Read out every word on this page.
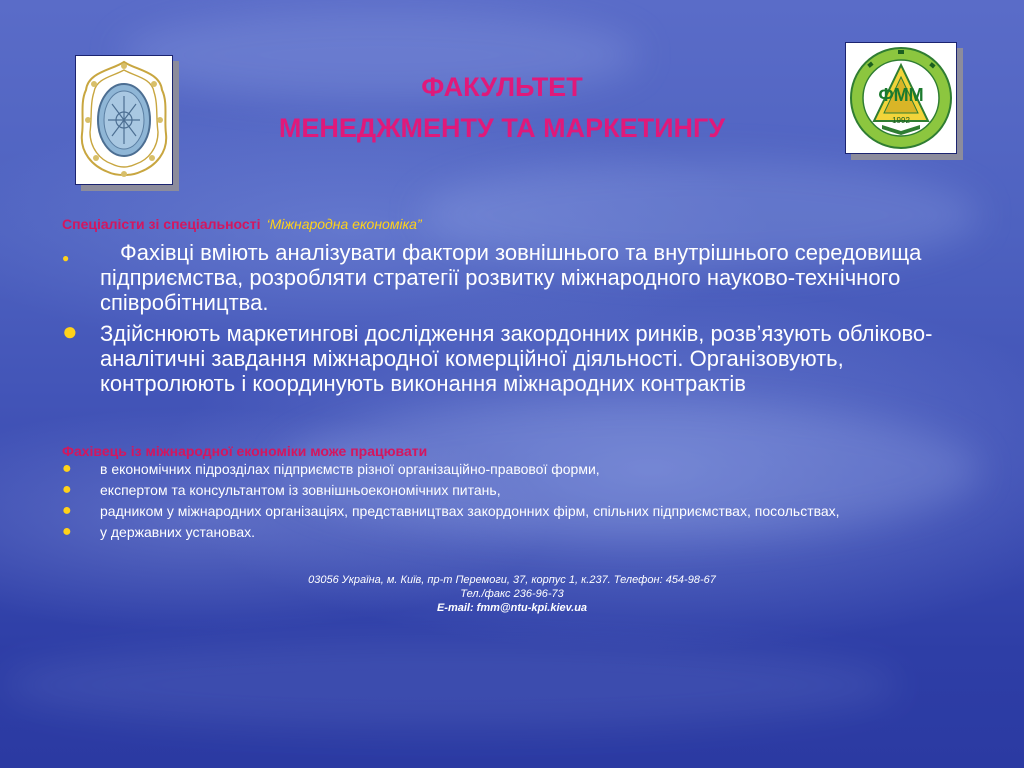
ФММ
1992
ФАКУЛЬТЕТ
МЕНЕДЖМЕНТУ ТА МАРКЕТИНГУ
Спеціалісти зі спеціальності ‘Міжнародна економіка”
●	Фахівці вміють аналізувати фактори зовнішнього та внутрішнього середовища підприємства, розробляти стратегії розвитку міжнародного науково-технічного співробітництва.
● Здійснюють маркетингові дослідження закордонних ринків, розв’язують обліково-аналітичні завдання міжнародної комерційної діяльності. Організовують, контролюють і координують виконання міжнародних контрактів
Фахівець із міжнародної економіки може працювати
● в економічних підрозділах підприємств різної організаційно-правової форми,
● експертом та консультантом із зовнішньоекономічних питань,
● радником у міжнародних організаціях, представництвах закордонних фірм, спільних підприємствах, посольствах,
● у державних установах.
03056 Україна, м. Київ, пр-т Перемоги, 37, корпус 1, к.237. Телефон: 454-98-67
Тел./факс 236-96-73
E-mail: fmm@ntu-kpi.kiev.ua
